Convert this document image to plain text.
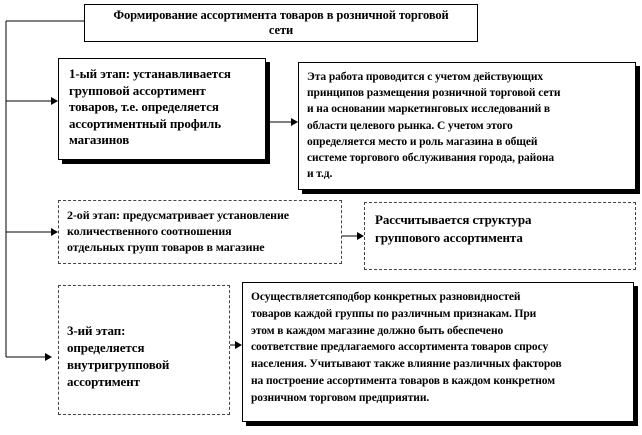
Формирование ассортимента товаров в розничной торговой
сети
1-ый этап: устанавливается
групповой ассортимент
товаров, т.е. определяется
ассортиментный профиль
магазинов
Эта работа проводится с учетом действующих
принципов размещения розничной торговой сети
и на основании маркетинговых исследований в
области целевого рынка. С учетом этого
определяется место и роль магазина в общей
системе торгового обслуживания города, района
и т.д.
2-ой этап: предусматривает установление
количественного соотношения
отдельных групп товаров в магазине
Рассчитывается структура
группового ассортимента
3-ий этап:
определяется
внутригрупповой
ассортимент
Осуществляетсяподбор конкретных разновидностей
товаров каждой группы по различным признакам. При
этом в каждом магазине должно быть обеспечено
соответствие предлагаемого ассортимента товаров спросу
населения. Учитывают также влияние различных факторов
на построение ассортимента товаров в каждом конкретном
розничном торговом предприятии.
